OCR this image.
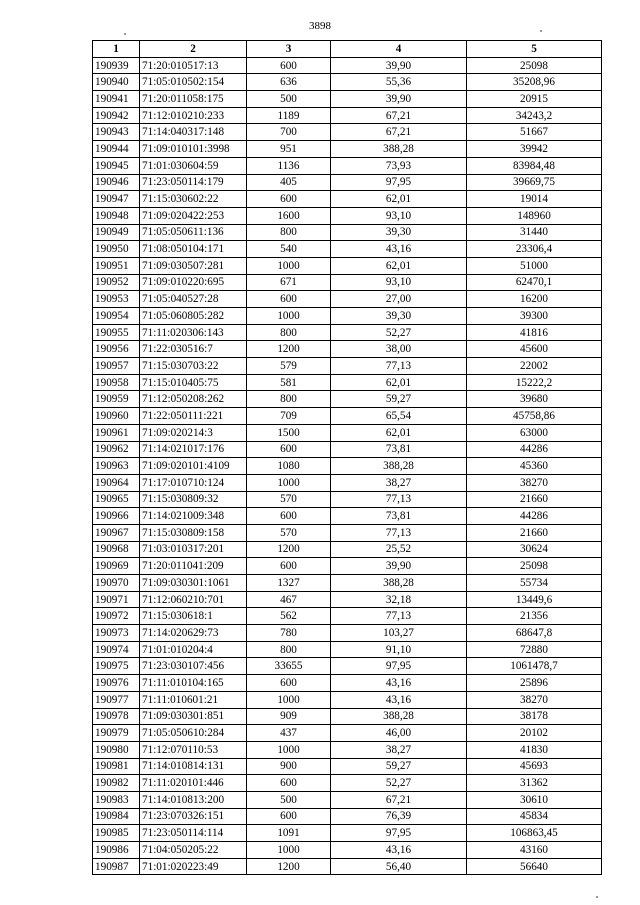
3898
1	2	3	4	5
190939	71:20:010517:13	600	39,90	25098
190940	71:05:010502:154	636	55,36	35208,96
190941	71:20:011058:175	500	39,90	20915
190942	71:12:010210:233	1189	67,21	34243,2
190943	71:14:040317:148	700	67,21	51667
190944	71:09:010101:3998	951	388,28	39942
190945	71:01:030604:59	1136	73,93	83984,48
190946	71:23:050114:179	405	97,95	39669,75
190947	71:15:030602:22	600	62,01	19014
190948	71:09:020422:253	1600	93,10	148960
190949	71:05:050611:136	800	39,30	31440
190950	71:08:050104:171	540	43,16	23306,4
190951	71:09:030507:281	1000	62,01	51000
190952	71:09:010220:695	671	93,10	62470,1
190953	71:05:040527:28	600	27,00	16200
190954	71:05:060805:282	1000	39,30	39300
190955	71:11:020306:143	800	52,27	41816
190956	71:22:030516:7	1200	38,00	45600
190957	71:15:030703:22	579	77,13	22002
190958	71:15:010405:75	581	62,01	15222,2
190959	71:12:050208:262	800	59,27	39680
190960	71:22:050111:221	709	65,54	45758,86
190961	71:09:020214:3	1500	62,01	63000
190962	71:14:021017:176	600	73,81	44286
190963	71:09:020101:4109	1080	388,28	45360
190964	71:17:010710:124	1000	38,27	38270
190965	71:15:030809:32	570	77,13	21660
190966	71:14:021009:348	600	73,81	44286
190967	71:15:030809:158	570	77,13	21660
190968	71:03:010317:201	1200	25,52	30624
190969	71:20:011041:209	600	39,90	25098
190970	71:09:030301:1061	1327	388,28	55734
190971	71:12:060210:701	467	32,18	13449,6
190972	71:15:030618:1	562	77,13	21356
190973	71:14:020629:73	780	103,27	68647,8
190974	71:01:010204:4	800	91,10	72880
190975	71:23:030107:456	33655	97,95	1061478,7
190976	71:11:010104:165	600	43,16	25896
190977	71:11:010601:21	1000	43,16	38270
190978	71:09:030301:851	909	388,28	38178
190979	71:05:050610:284	437	46,00	20102
190980	71:12:070110:53	1000	38,27	41830
190981	71:14:010814:131	900	59,27	45693
190982	71:11:020101:446	600	52,27	31362
190983	71:14:010813:200	500	67,21	30610
190984	71:23:070326:151	600	76,39	45834
190985	71:23:050114:114	1091	97,95	106863,45
190986	71:04:050205:22	1000	43,16	43160
190987	71:01:020223:49	1200	56,40	56640
